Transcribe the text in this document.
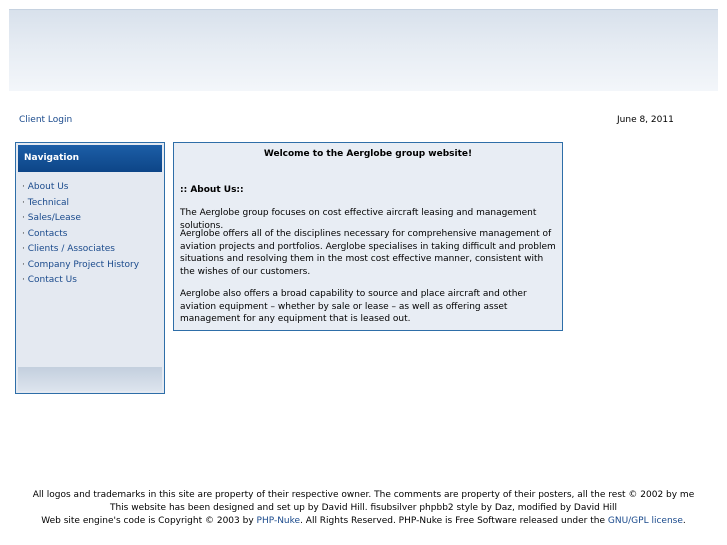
Client Login	June 8, 2011
Navigation
· About Us
· Technical
· Sales/Lease
· Contacts
· Clients / Associates
· Company Project History
· Contact Us
Welcome to the Aerglobe group website!
:: About Us::
The Aerglobe group focuses on cost effective aircraft leasing and management solutions.
Aerglobe offers all of the disciplines necessary for comprehensive management of aviation projects and portfolios. Aerglobe specialises in taking difficult and problem situations and resolving them in the most cost effective manner, consistent with the wishes of our customers.
Aerglobe also offers a broad capability to source and place aircraft and other aviation equipment – whether by sale or lease – as well as offering asset management for any equipment that is leased out.
All logos and trademarks in this site are property of their respective owner. The comments are property of their posters, all the rest © 2002 by me
This website has been designed and set up by David Hill. fisubsilver phpbb2 style by Daz, modified by David Hill
Web site engine's code is Copyright © 2003 by PHP-Nuke. All Rights Reserved. PHP-Nuke is Free Software released under the GNU/GPL license.
